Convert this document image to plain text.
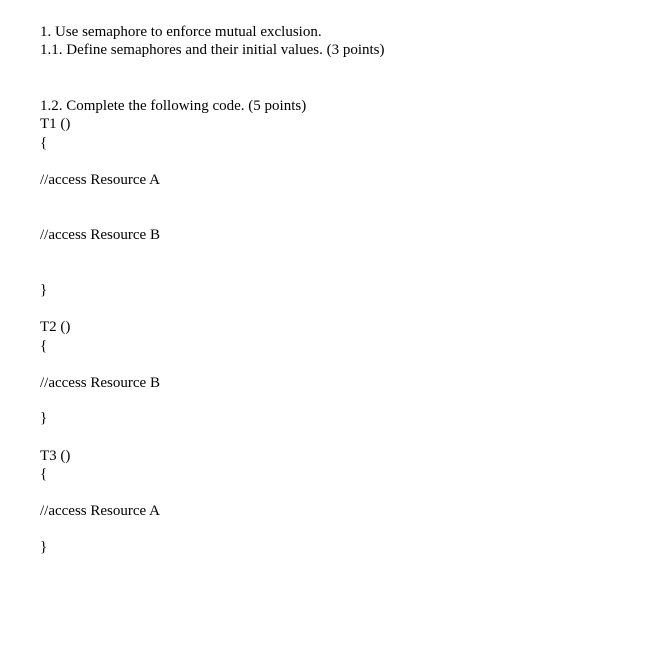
1. Use semaphore to enforce mutual exclusion.
1.1. Define semaphores and their initial values. (3 points)
1.2. Complete the following code. (5 points)
T1 ()
{
//access Resource A
//access Resource B
}
T2 ()
{
//access Resource B
}
T3 ()
{
//access Resource A
}
